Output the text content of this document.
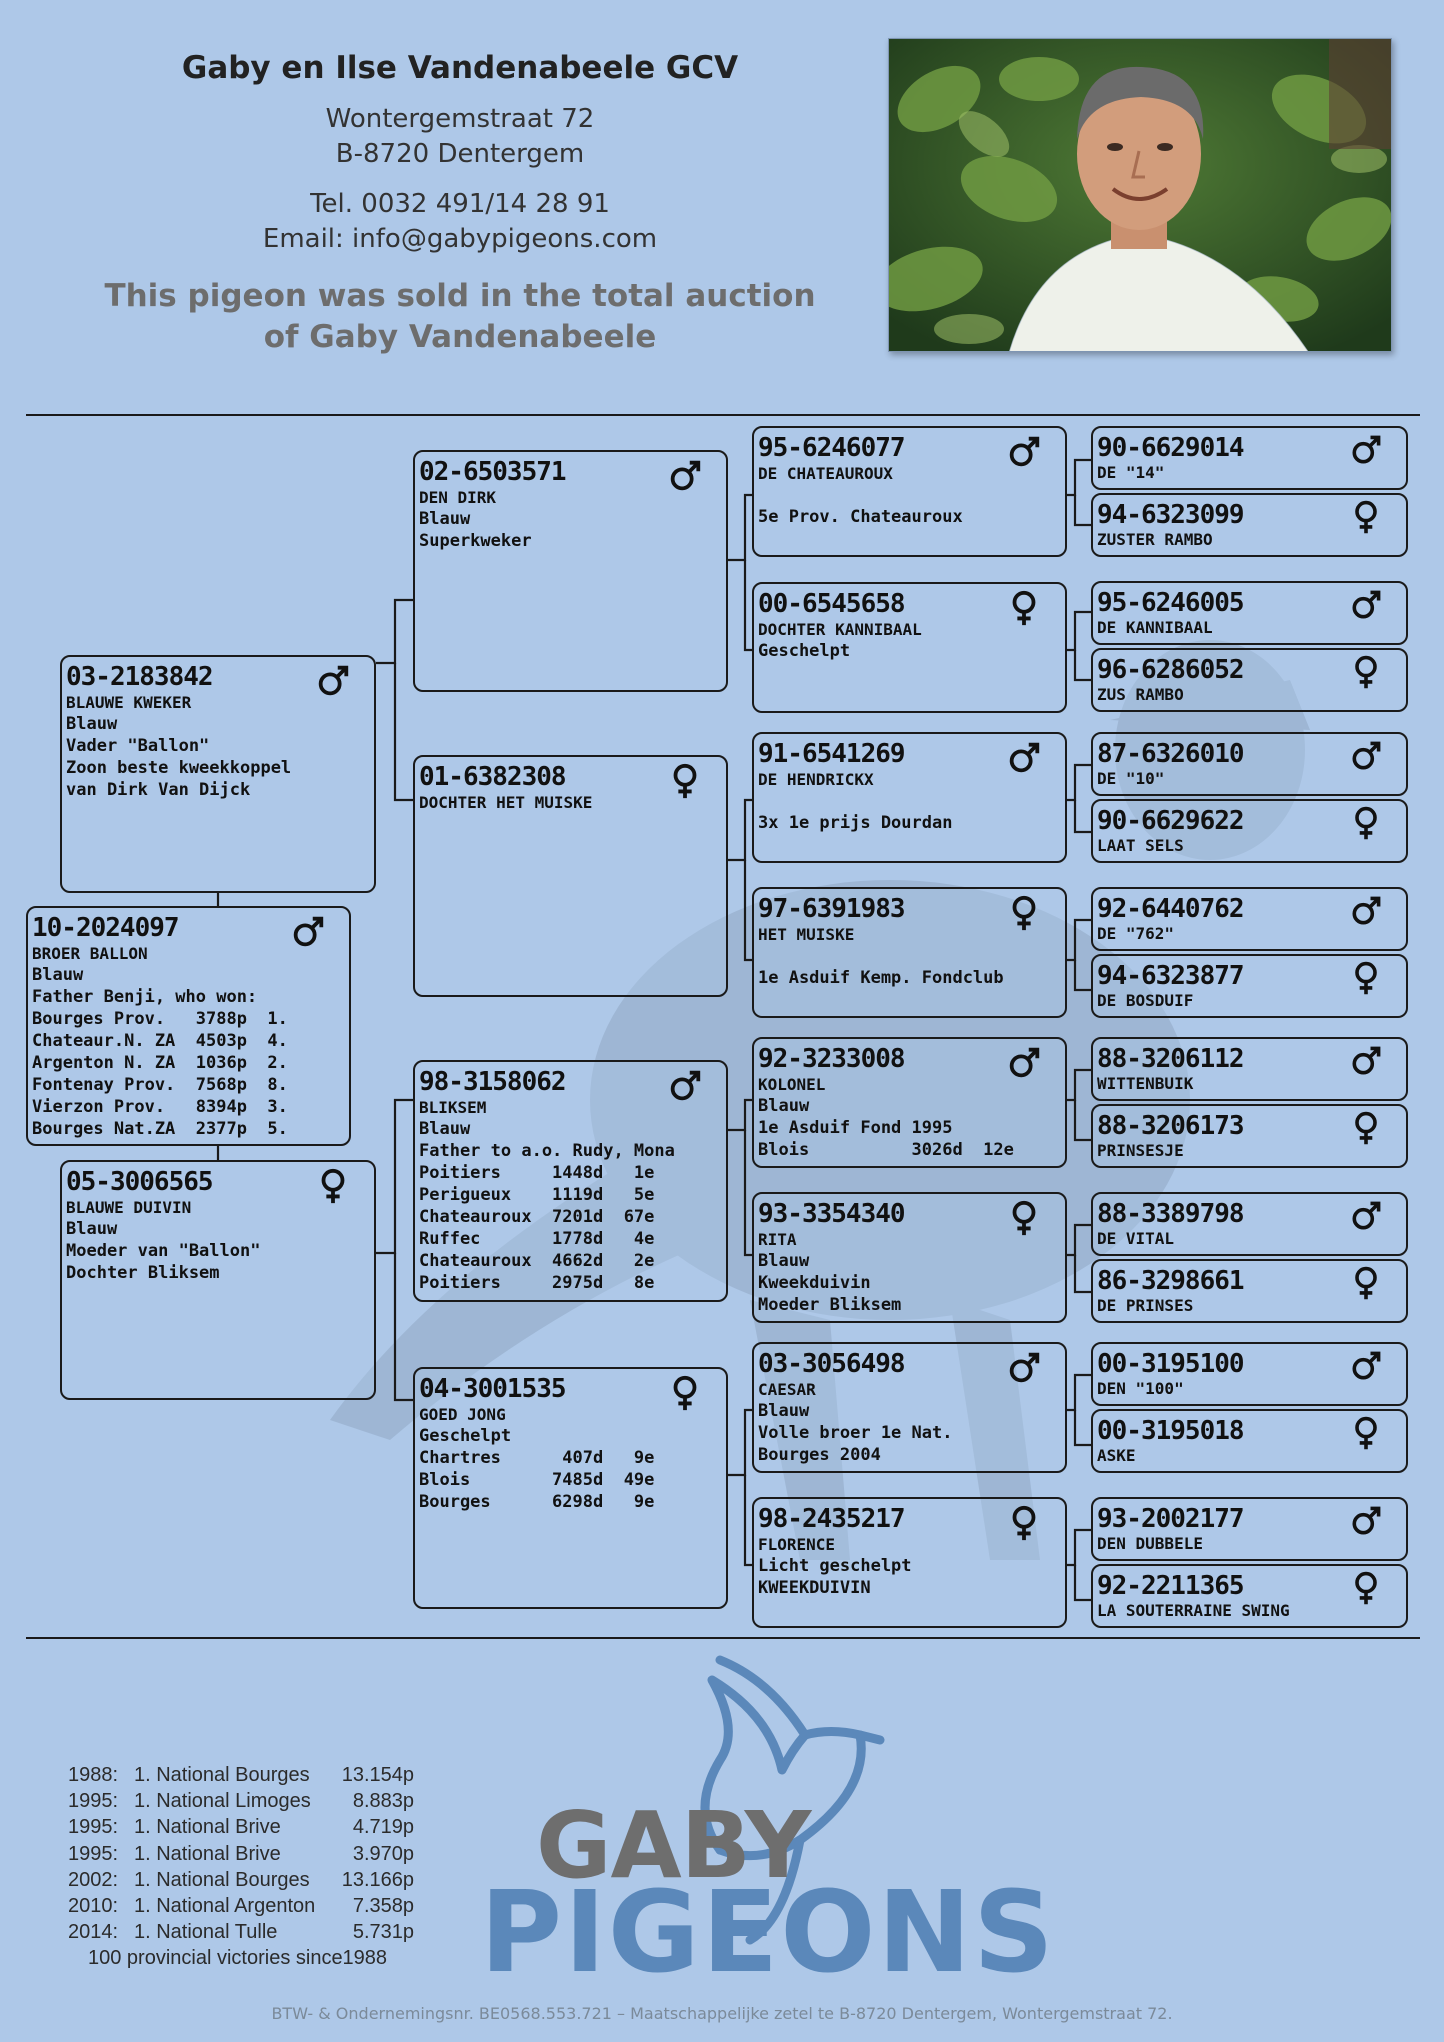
Gaby en Ilse Vandenabeele GCV
Wontergemstraat 72
B-8720 Dentergem
Tel. 0032 491/14 28 91
Email: info@gabypigeons.com
This pigeon was sold in the total auction
of Gaby Vandenabeele
10-2024097
BROER BALLON
Blauw
Father Benji, who won:
Bourges Prov.   3788p  1.
Chateaur.N. ZA  4503p  4.
Argenton N. ZA  1036p  2.
Fontenay Prov.  7568p  8.
Vierzon Prov.   8394p  3.
Bourges Nat.ZA  2377p  5.
03-2183842
BLAUWE KWEKER
Blauw
Vader "Ballon"
Zoon beste kweekkoppel
van Dirk Van Dijck
05-3006565
BLAUWE DUIVIN
Blauw
Moeder van "Ballon"
Dochter Bliksem
02-6503571
DEN DIRK
Blauw
Superkweker
01-6382308
DOCHTER HET MUISKE
98-3158062
BLIKSEM
Blauw
Father to a.o. Rudy, Mona
Poitiers     1448d   1e
Perigueux    1119d   5e
Chateauroux  7201d  67e
Ruffec       1778d   4e
Chateauroux  4662d   2e
Poitiers     2975d   8e
04-3001535
GOED JONG
Geschelpt
Chartres      407d   9e
Blois        7485d  49e
Bourges      6298d   9e
95-6246077
DE CHATEAUROUX
5e Prov. Chateauroux
00-6545658
DOCHTER KANNIBAAL
Geschelpt
91-6541269
DE HENDRICKX
3x 1e prijs Dourdan
97-6391983
HET MUISKE
1e Asduif Kemp. Fondclub
92-3233008
KOLONEL
Blauw
1e Asduif Fond 1995
Blois          3026d  12e
93-3354340
RITA
Blauw
Kweekduivin
Moeder Bliksem
03-3056498
CAESAR
Blauw
Volle broer 1e Nat.
Bourges 2004
98-2435217
FLORENCE
Licht geschelpt
KWEEKDUIVIN
90-6629014
DE "14"
94-6323099
ZUSTER RAMBO
95-6246005
DE KANNIBAAL
96-6286052
ZUS RAMBO
87-6326010
DE "10"
90-6629622
LAAT SELS
92-6440762
DE "762"
94-6323877
DE BOSDUIF
88-3206112
WITTENBUIK
88-3206173
PRINSESJE
88-3389798
DE VITAL
86-3298661
DE PRINSES
00-3195100
DEN "100"
00-3195018
ASKE
93-2002177
DEN DUBBELE
92-2211365
LA SOUTERRAINE SWING
1988: 1. National Bourges	13.154p
1995: 1. National Limoges	8.883p
1995: 1. National Brive	4.719p
1995: 1. National Brive	3.970p
2002: 1. National Bourges	13.166p
2010: 1. National Argenton	7.358p
2014: 1. National Tulle	5.731p
100 provincial victories since1988
GABY
PIGEONS
BTW- & Ondernemingsnr. BE0568.553.721 – Maatschappelijke zetel te B-8720 Dentergem, Wontergemstraat 72.
